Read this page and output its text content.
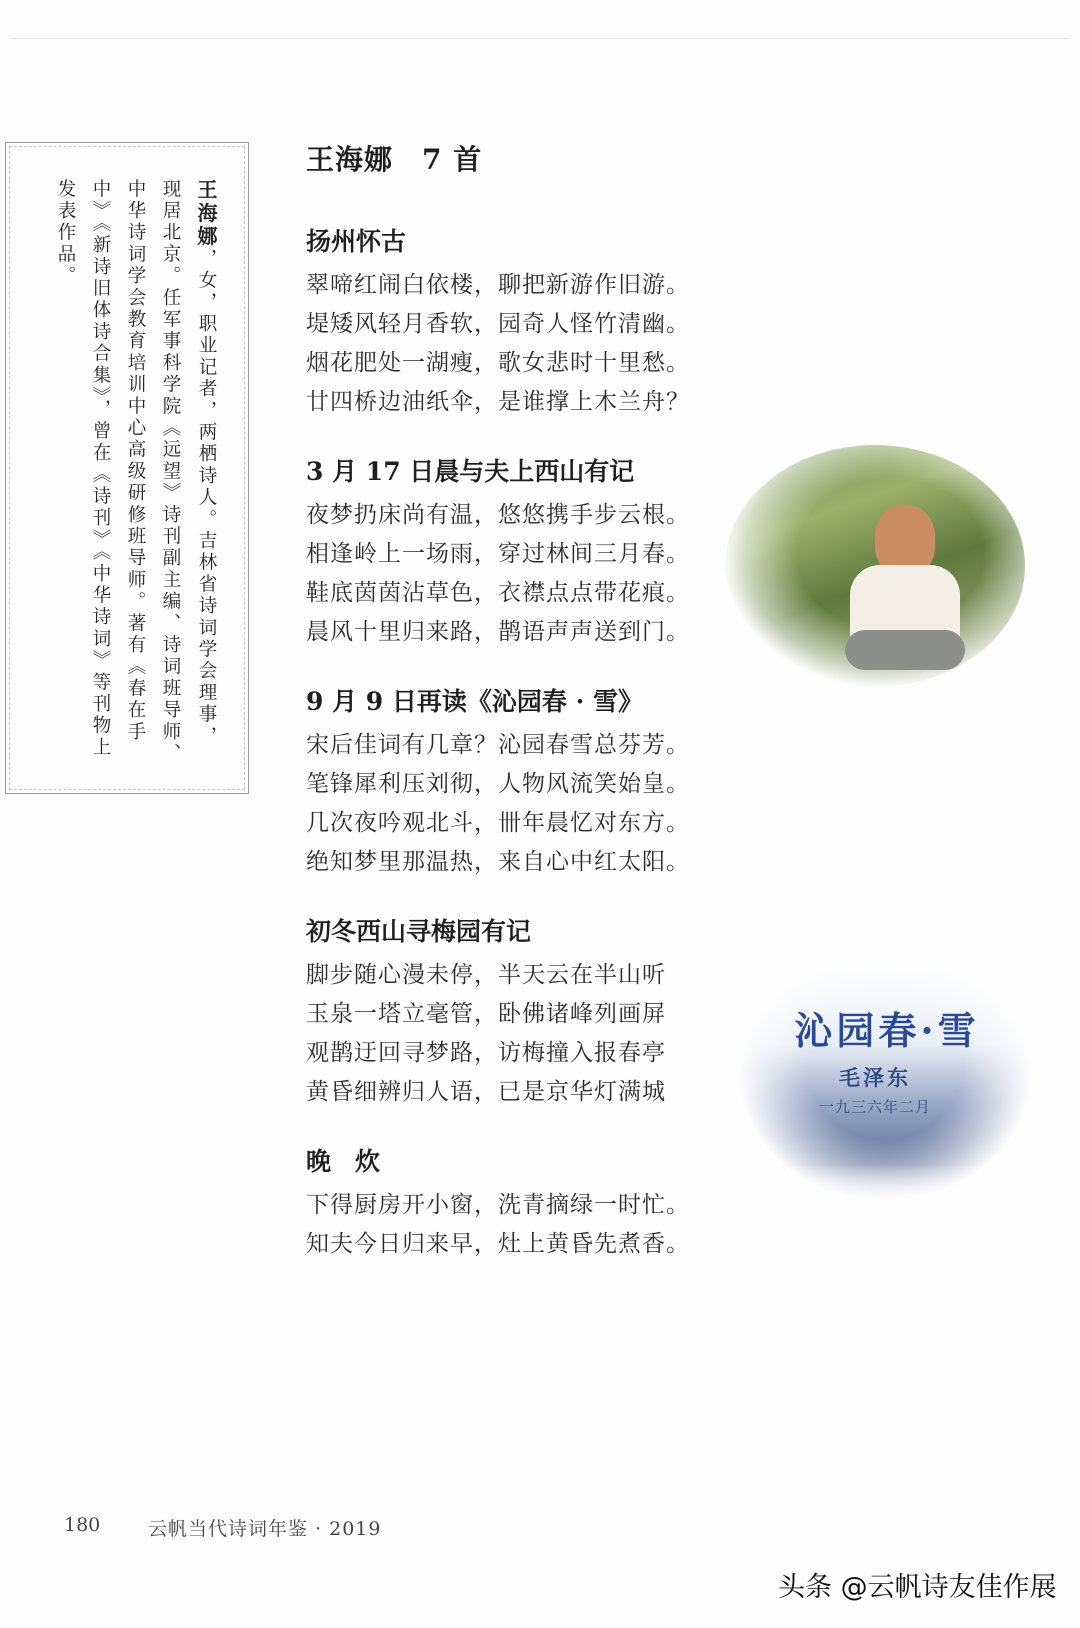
王海娜，女，职业记者，两栖诗人。吉林省诗词学会理事，现居北京。任军事科学院《远望》诗刊副主编、诗词班导师、中华诗词学会教育培训中心高级研修班导师。著有《春在手中》《新诗旧体诗合集》，曾在《诗刊》《中华诗词》等刊物上发表作品。
王海娜　7 首
扬州怀古

翠啼红闹白依楼，聊把新游作旧游。

堤矮风轻月香软，园奇人怪竹清幽。

烟花肥处一湖瘦，歌女悲时十里愁。

廿四桥边油纸伞，是谁撑上木兰舟？

3 月 17 日晨与夫上西山有记

夜梦扔床尚有温，悠悠携手步云根。

相逢岭上一场雨，穿过林间三月春。

鞋底茵茵沾草色，衣襟点点带花痕。

晨风十里归来路，鹊语声声送到门。

9 月 9 日再读《沁园春 · 雪》

宋后佳词有几章？沁园春雪总芬芳。

笔锋犀利压刘彻，人物风流笑始皇。

几次夜吟观北斗，卌年晨忆对东方。

绝知梦里那温热，来自心中红太阳。

初冬西山寻梅园有记

脚步随心漫未停，半天云在半山听

玉泉一塔立毫管，卧佛诸峰列画屏

观鹊迂回寻梦路，访梅撞入报春亭

黄昏细辨归人语，已是京华灯满城

晚炊

下得厨房开小窗，洗青摘绿一时忙。

知夫今日归来早，灶上黄昏先煮香。

沁园春·雪
毛泽东
一九三六年二月
180	云帆当代诗词年鉴 · 2019
头条 @云帆诗友佳作展
